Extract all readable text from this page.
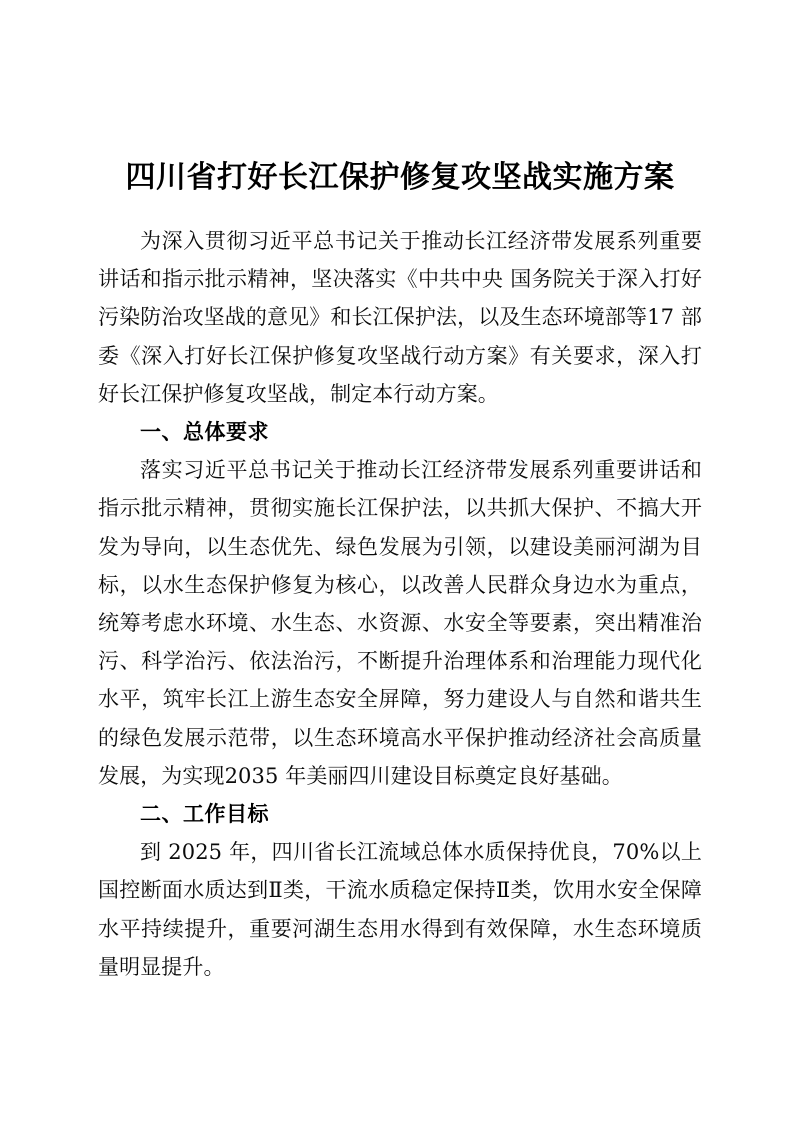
四川省打好长江保护修复攻坚战实施方案

为深入贯彻习近平总书记关于推动长江经济带发展系列重要讲话和指示批示精神，坚决落实《中共中央 国务院关于深入打好污染防治攻坚战的意见》和长江保护法，以及生态环境部等17 部委《深入打好长江保护修复攻坚战行动方案》有关要求，深入打好长江保护修复攻坚战，制定本行动方案。

一、总体要求

落实习近平总书记关于推动长江经济带发展系列重要讲话和指示批示精神，贯彻实施长江保护法，以共抓大保护、不搞大开发为导向，以生态优先、绿色发展为引领，以建设美丽河湖为目标，以水生态保护修复为核心，以改善人民群众身边水为重点，统筹考虑水环境、水生态、水资源、水安全等要素，突出精准治污、科学治污、依法治污，不断提升治理体系和治理能力现代化水平，筑牢长江上游生态安全屏障，努力建设人与自然和谐共生的绿色发展示范带，以生态环境高水平保护推动经济社会高质量发展，为实现2035 年美丽四川建设目标奠定良好基础。

二、工作目标

到 2025 年，四川省长江流域总体水质保持优良，70%以上国控断面水质达到Ⅱ类，干流水质稳定保持Ⅱ类，饮用水安全保障水平持续提升，重要河湖生态用水得到有效保障，水生态环境质量明显提升。
